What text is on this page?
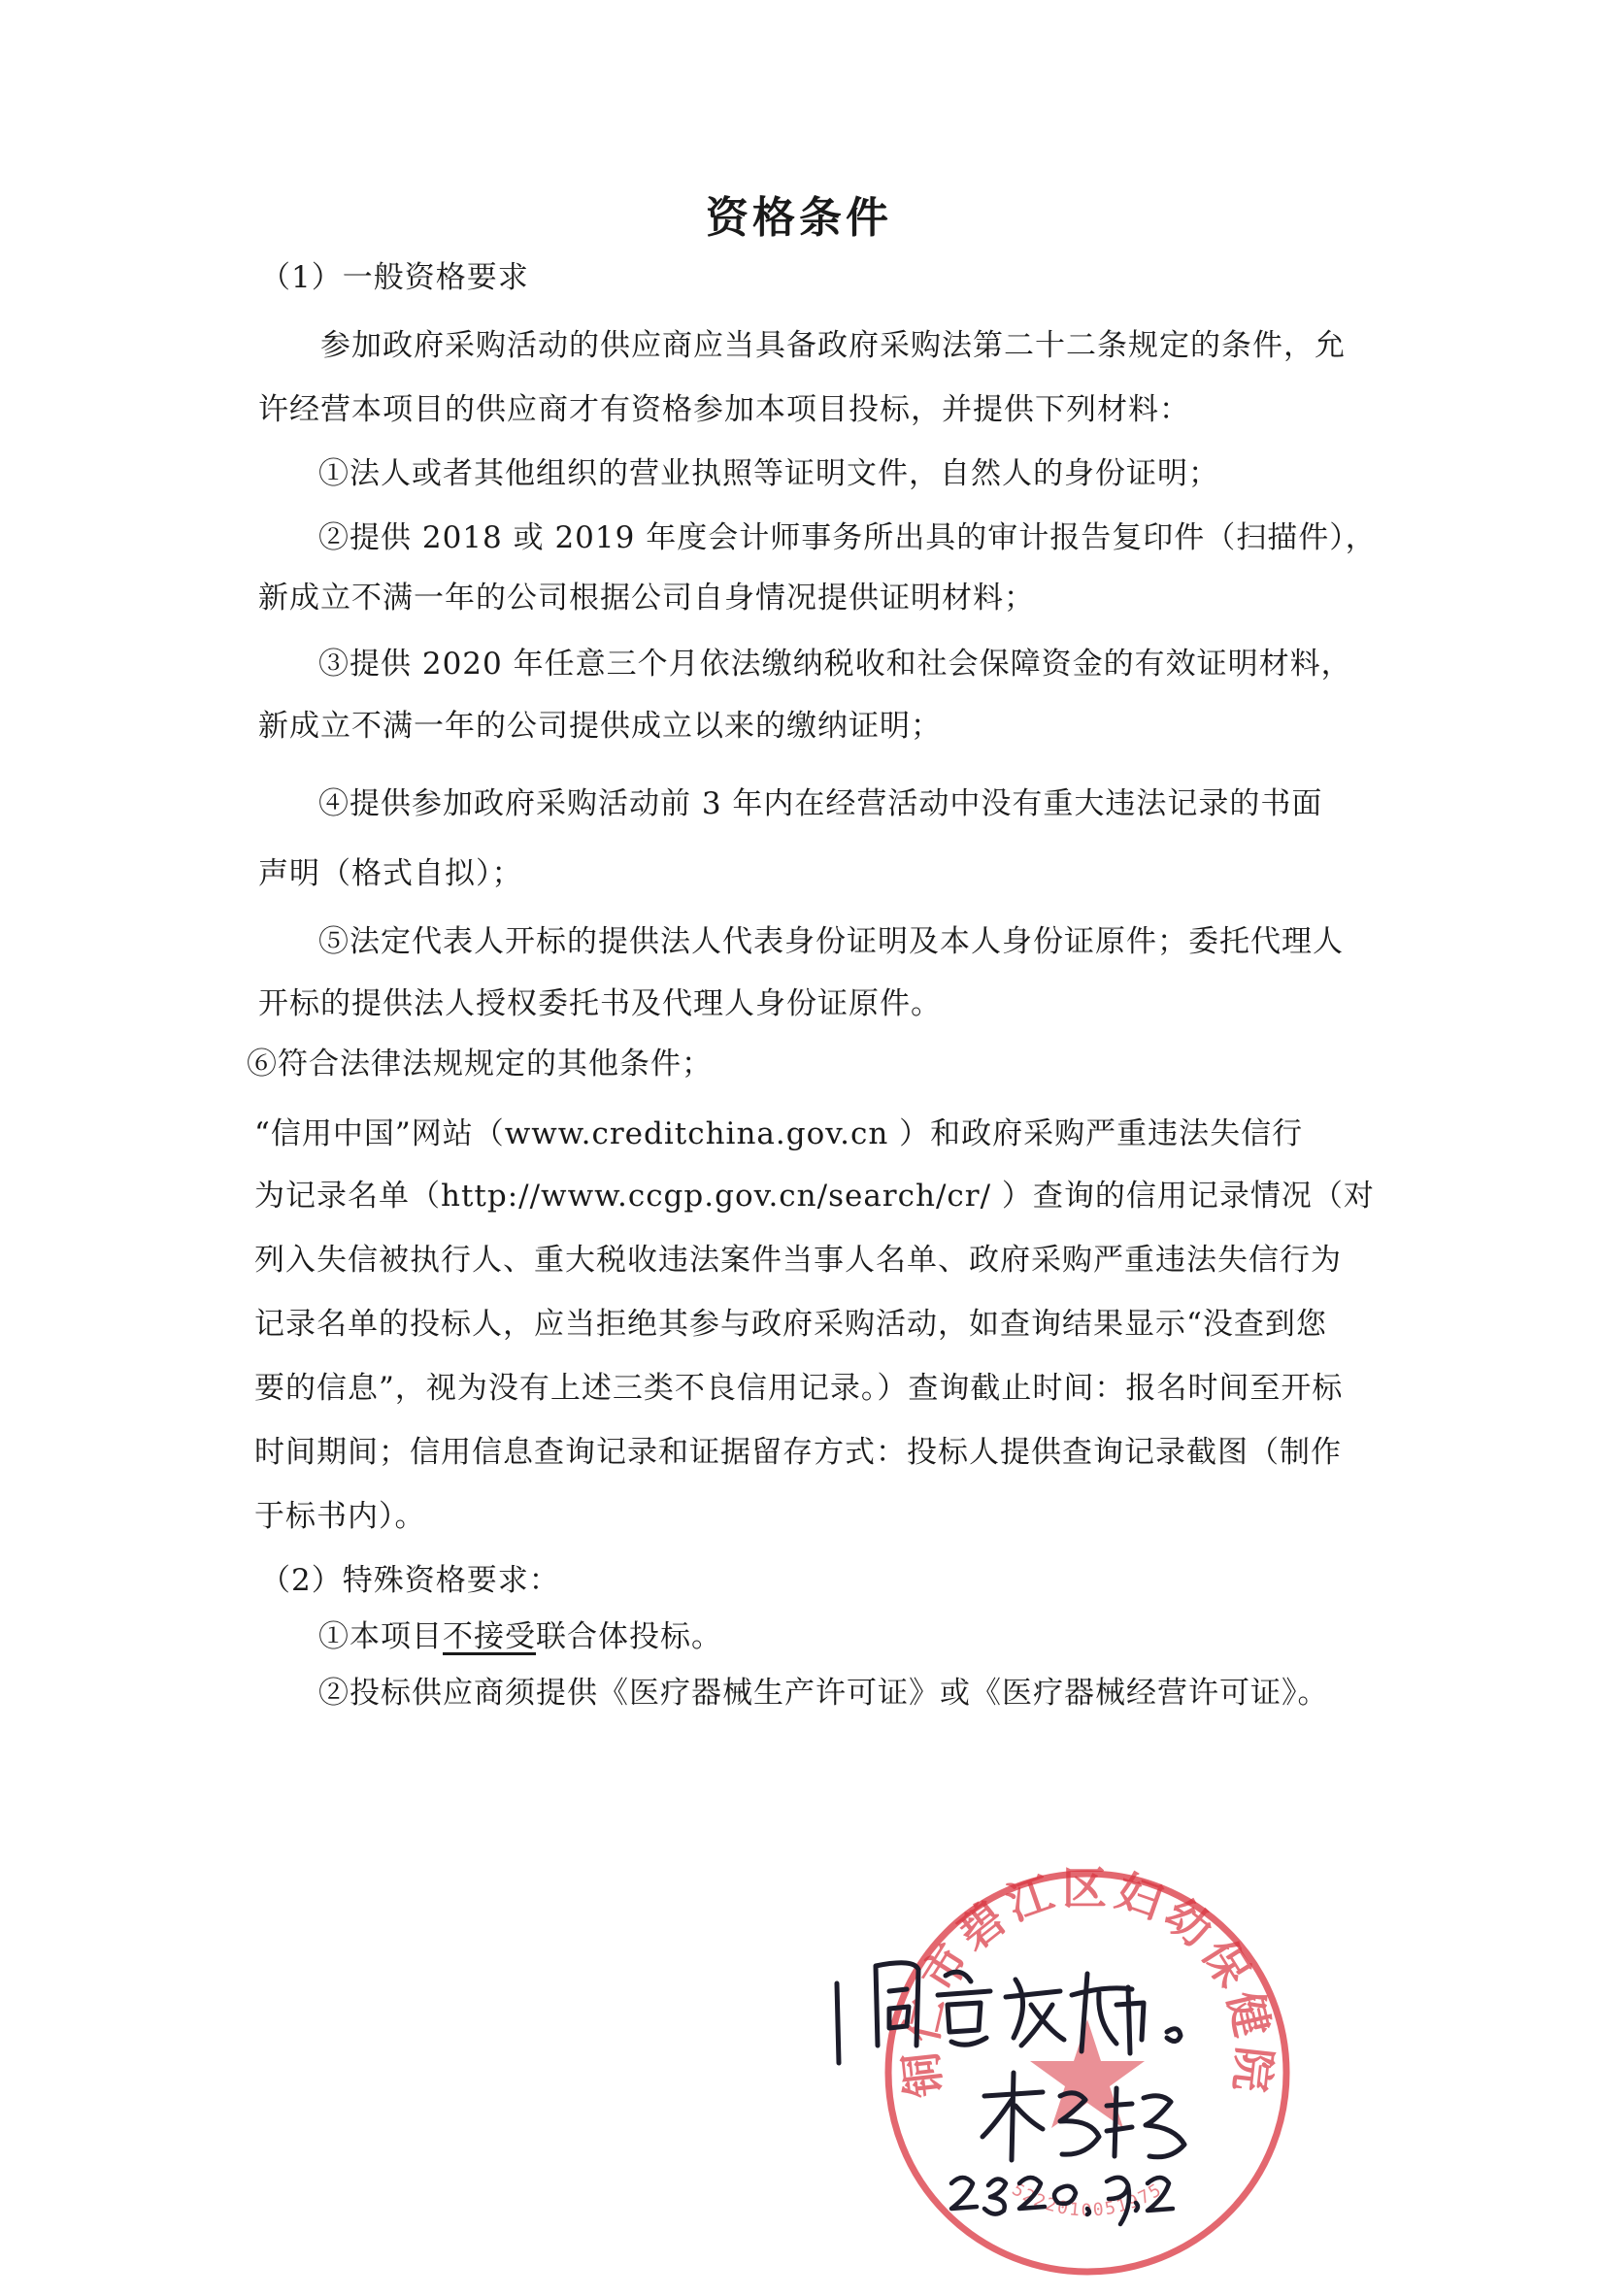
资格条件
（1）一般资格要求
参加政府采购活动的供应商应当具备政府采购法第二十二条规定的条件，允
许经营本项目的供应商才有资格参加本项目投标，并提供下列材料：
①法人或者其他组织的营业执照等证明文件，自然人的身份证明；
②提供 2018 或 2019 年度会计师事务所出具的审计报告复印件（扫描件），
新成立不满一年的公司根据公司自身情况提供证明材料；
③提供 2020 年任意三个月依法缴纳税收和社会保障资金的有效证明材料，
新成立不满一年的公司提供成立以来的缴纳证明；
④提供参加政府采购活动前 3 年内在经营活动中没有重大违法记录的书面
声明（格式自拟）；
⑤法定代表人开标的提供法人代表身份证明及本人身份证原件；委托代理人
开标的提供法人授权委托书及代理人身份证原件。
⑥符合法律法规规定的其他条件；
“信用中国”网站（www.creditchina.gov.cn ）和政府采购严重违法失信行
为记录名单（http://www.ccgp.gov.cn/search/cr/ ）查询的信用记录情况（对
列入失信被执行人、重大税收违法案件当事人名单、政府采购严重违法失信行为
记录名单的投标人，应当拒绝其参与政府采购活动，如查询结果显示“没查到您
要的信息”，视为没有上述三类不良信用记录。）查询截止时间：报名时间至开标
时间期间；信用信息查询记录和证据留存方式：投标人提供查询记录截图（制作
于标书内）。
（2）特殊资格要求：
①本项目不接受联合体投标。
②投标供应商须提供《医疗器械生产许可证》或《医疗器械经营许可证》。
铜仁市碧江区妇幼保健院
5222010051975
